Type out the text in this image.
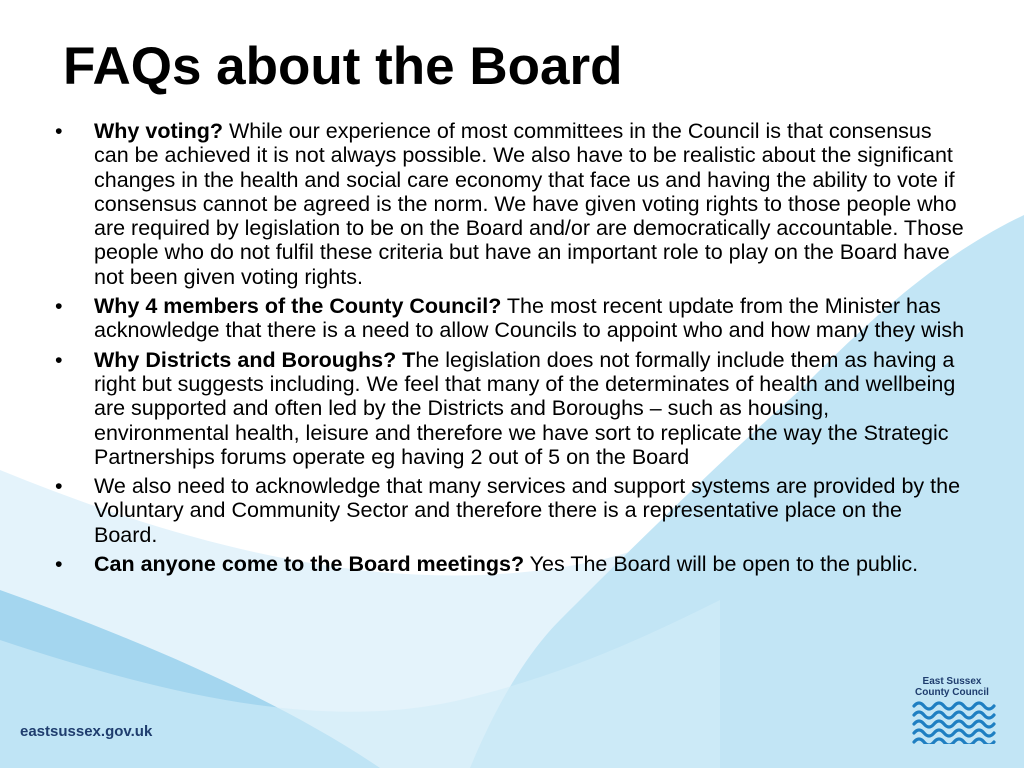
FAQs about the Board
• Why voting? While our experience of most committees in the Council is that consensus can be achieved it is not always possible. We also have to be realistic about the significant changes in the health and social care economy that face us and having the ability to vote if consensus cannot be agreed is the norm. We have given voting rights to those people who are required by legislation to be on the Board and/or are democratically accountable. Those people who do not fulfil these criteria but have an important role to play on the Board have not been given voting rights.
• Why 4 members of the County Council? The most recent update from the Minister has acknowledge that there is a need to allow Councils to appoint who and how many they wish
• Why Districts and Boroughs? The legislation does not formally include them as having a right but suggests including. We feel that many of the determinates of health and wellbeing are supported and often led by the Districts and Boroughs – such as housing, environmental health, leisure and therefore we have sort to replicate the way the Strategic Partnerships forums operate eg having 2 out of 5 on the Board
• We also need to acknowledge that many services and support systems are provided by the Voluntary and Community Sector and therefore there is a representative place on the Board.
• Can anyone come to the Board meetings? Yes The Board will be open to the public.
eastsussex.gov.uk
East Sussex
County Council
